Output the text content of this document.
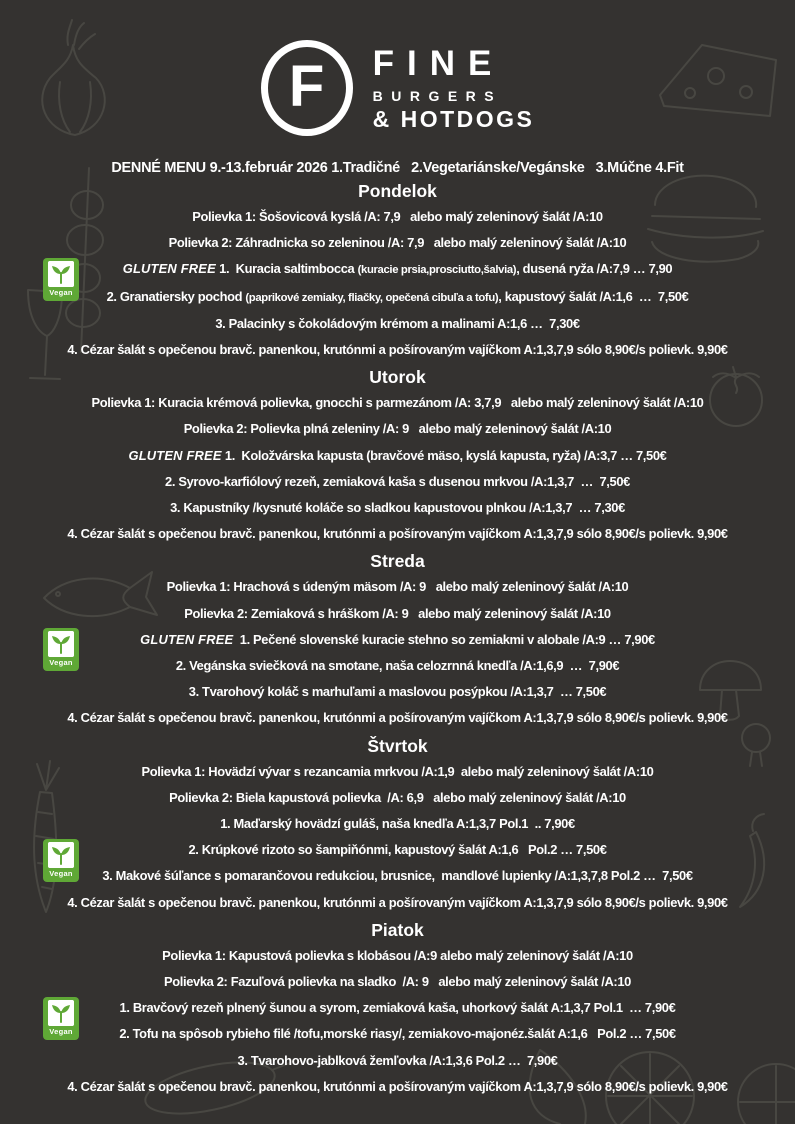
F FINE
BURGERS
& HOTDOGS
DENNÉ MENU 9.-13.február 2026 1.Tradičné   2.Vegetariánske/Vegánske   3.Múčne 4.Fit
Pondelok
Polievka 1: Šošovicová kyslá /A: 7,9   alebo malý zeleninový šalát /A:10
Polievka 2: Záhradnicka so zeleninou /A: 7,9   alebo malý zeleninový šalát /A:10
GLUTEN FREE 1.  Kuracia saltimbocca (kuracie prsia,prosciutto,šalvia), dusená ryža /A:7,9 … 7,90
2. Granatiersky pochod (paprikové zemiaky, fliačky, opečená cibuľa a tofu), kapustový šalát /A:1,6  …  7,50€
3. Palacinky s čokoládovým krémom a malinami A:1,6 …  7,30€
4. Cézar šalát s opečenou bravč. panenkou, krutónmi a pošírovaným vajíčkom A:1,3,7,9 sólo 8,90€/s polievk. 9,90€
Vegan
Utorok
Polievka 1: Kuracia krémová polievka, gnocchi s parmezánom /A: 3,7,9   alebo malý zeleninový šalát /A:10
Polievka 2: Polievka plná zeleniny /A: 9   alebo malý zeleninový šalát /A:10
GLUTEN FREE 1.  Koložvárska kapusta (bravčové mäso, kyslá kapusta, ryža) /A:3,7 … 7,50€
2. Syrovo-karfiólový rezeň, zemiaková kaša s dusenou mrkvou /A:1,3,7  …  7,50€
3. Kapustníky /kysnuté koláče so sladkou kapustovou plnkou /A:1,3,7  … 7,30€
4. Cézar šalát s opečenou bravč. panenkou, krutónmi a pošírovaným vajíčkom A:1,3,7,9 sólo 8,90€/s polievk. 9,90€
Streda
Polievka 1: Hrachová s údeným mäsom /A: 9   alebo malý zeleninový šalát /A:10
Polievka 2: Zemiaková s hráškom /A: 9   alebo malý zeleninový šalát /A:10
GLUTEN FREE  1. Pečené slovenské kuracie stehno so zemiakmi v alobale /A:9 … 7,90€
2. Vegánska sviečková na smotane, naša celozrnná knedľa /A:1,6,9  …  7,90€
3. Tvarohový koláč s marhuľami a maslovou posýpkou /A:1,3,7  … 7,50€
4. Cézar šalát s opečenou bravč. panenkou, krutónmi a pošírovaným vajíčkom A:1,3,7,9 sólo 8,90€/s polievk. 9,90€
Vegan
Štvrtok
Polievka 1: Hovädzí vývar s rezancamia mrkvou /A:1,9  alebo malý zeleninový šalát /A:10
Polievka 2: Biela kapustová polievka  /A: 6,9   alebo malý zeleninový šalát /A:10
1. Maďarský hovädzí guláš, naša knedľa A:1,3,7 Pol.1  .. 7,90€
2. Krúpkové rizoto so šampiňónmi, kapustový šalát A:1,6   Pol.2 … 7,50€
3. Makové šúľance s pomarančovou redukciou, brusnice,  mandlové lupienky /A:1,3,7,8 Pol.2 …  7,50€
4. Cézar šalát s opečenou bravč. panenkou, krutónmi a pošírovaným vajíčkom A:1,3,7,9 sólo 8,90€/s polievk. 9,90€
Vegan
Piatok
Polievka 1: Kapustová polievka s klobásou /A:9 alebo malý zeleninový šalát /A:10
Polievka 2: Fazuľová polievka na sladko  /A: 9   alebo malý zeleninový šalát /A:10
1. Bravčový rezeň plnený šunou a syrom, zemiaková kaša, uhorkový šalát A:1,3,7 Pol.1  … 7,90€
2. Tofu na spôsob rybieho filé /tofu,morské riasy/, zemiakovo-majonéz.šalát A:1,6   Pol.2 … 7,50€
3. Tvarohovo-jablková žemľovka /A:1,3,6 Pol.2 …  7,90€
4. Cézar šalát s opečenou bravč. panenkou, krutónmi a pošírovaným vajíčkom A:1,3,7,9 sólo 8,90€/s polievk. 9,90€
Vegan
